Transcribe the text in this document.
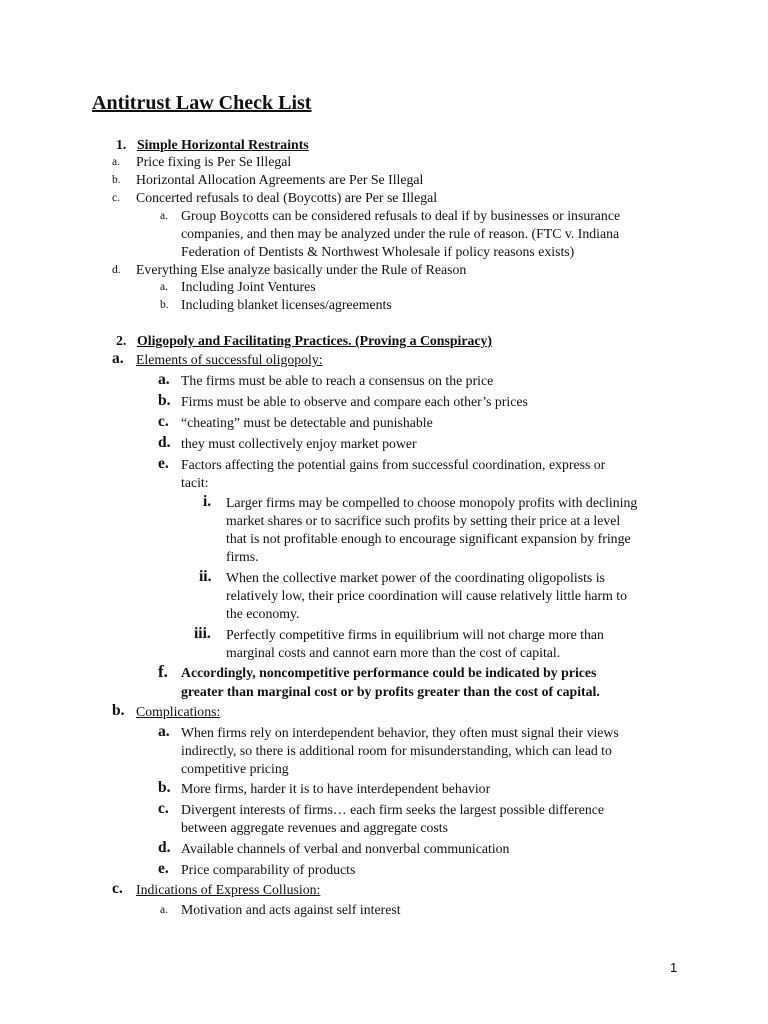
Antitrust Law Check List
1. Simple Horizontal Restraints
a. Price fixing is Per Se Illegal
b. Horizontal Allocation Agreements are Per Se Illegal
c. Concerted refusals to deal (Boycotts) are Per se Illegal
a. Group Boycotts can be considered refusals to deal if by businesses or insurance
companies, and then may be analyzed under the rule of reason. (FTC v. Indiana
Federation of Dentists & Northwest Wholesale if policy reasons exists)
d. Everything Else analyze basically under the Rule of Reason
a. Including Joint Ventures
b. Including blanket licenses/agreements
2. Oligopoly and Facilitating Practices. (Proving a Conspiracy)
a. Elements of successful oligopoly:
a. The firms must be able to reach a consensus on the price
b. Firms must be able to observe and compare each other’s prices
c. “cheating” must be detectable and punishable
d. they must collectively enjoy market power
e. Factors affecting the potential gains from successful coordination, express or
tacit:
i. Larger firms may be compelled to choose monopoly profits with declining
market shares or to sacrifice such profits by setting their price at a level
that is not profitable enough to encourage significant expansion by fringe
firms.
ii. When the collective market power of the coordinating oligopolists is
relatively low, their price coordination will cause relatively little harm to
the economy.
iii. Perfectly competitive firms in equilibrium will not charge more than
marginal costs and cannot earn more than the cost of capital.
f. Accordingly, noncompetitive performance could be indicated by prices
greater than marginal cost or by profits greater than the cost of capital.
b. Complications:
a. When firms rely on interdependent behavior, they often must signal their views
indirectly, so there is additional room for misunderstanding, which can lead to
competitive pricing
b. More firms, harder it is to have interdependent behavior
c. Divergent interests of firms… each firm seeks the largest possible difference
between aggregate revenues and aggregate costs
d. Available channels of verbal and nonverbal communication
e. Price comparability of products
c. Indications of Express Collusion:
a. Motivation and acts against self interest
1
